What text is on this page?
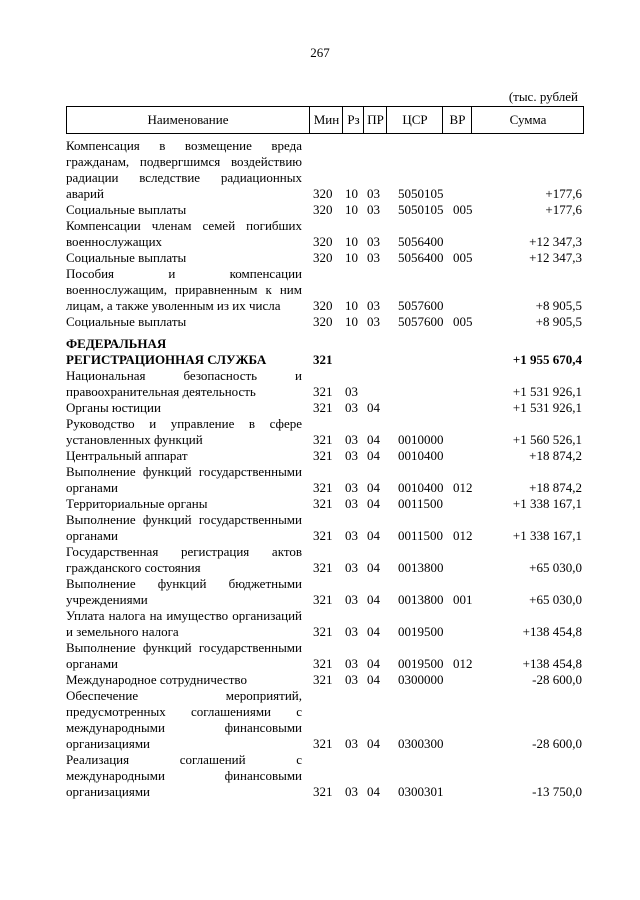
267
(тыс. рублей
Наименование	Мин Рз ПР	ЦСР	ВР	Сумма
Компенсация в возмещение вреда гражданам, подвергшимся воздействию радиации вследствие радиационных аварий	320 10 03 5050105	+177,6
Социальные выплаты	320 10 03 5050105 005	+177,6
Компенсации членам семей погибших военнослужащих	320 10 03 5056400	+12 347,3
Социальные выплаты	320 10 03 5056400 005	+12 347,3
Пособия и компенсации военнослужащим, приравненным к ним лицам, а также уволенным из их числа	320 10 03 5057600	+8 905,5
Социальные выплаты	320 10 03 5057600 005	+8 905,5
ФЕДЕРАЛЬНАЯ РЕГИСТРАЦИОННАЯ СЛУЖБА	321	+1 955 670,4
Национальная безопасность и правоохранительная деятельность	321 03	+1 531 926,1
Органы юстиции	321 03 04	+1 531 926,1
Руководство и управление в сфере установленных функций	321 03 04 0010000	+1 560 526,1
Центральный аппарат	321 03 04 0010400	+18 874,2
Выполнение функций государственными органами	321 03 04 0010400 012	+18 874,2
Территориальные органы	321 03 04 0011500	+1 338 167,1
Выполнение функций государственными органами	321 03 04 0011500 012	+1 338 167,1
Государственная регистрация актов гражданского состояния	321 03 04 0013800	+65 030,0
Выполнение функций бюджетными учреждениями	321 03 04 0013800 001	+65 030,0
Уплата налога на имущество организаций и земельного налога	321 03 04 0019500	+138 454,8
Выполнение функций государственными органами	321 03 04 0019500 012	+138 454,8
Международное сотрудничество	321 03 04 0300000	-28 600,0
Обеспечение мероприятий, предусмотренных соглашениями с международными финансовыми организациями	321 03 04 0300300	-28 600,0
Реализация соглашений с международными финансовыми организациями	321 03 04 0300301	-13 750,0
